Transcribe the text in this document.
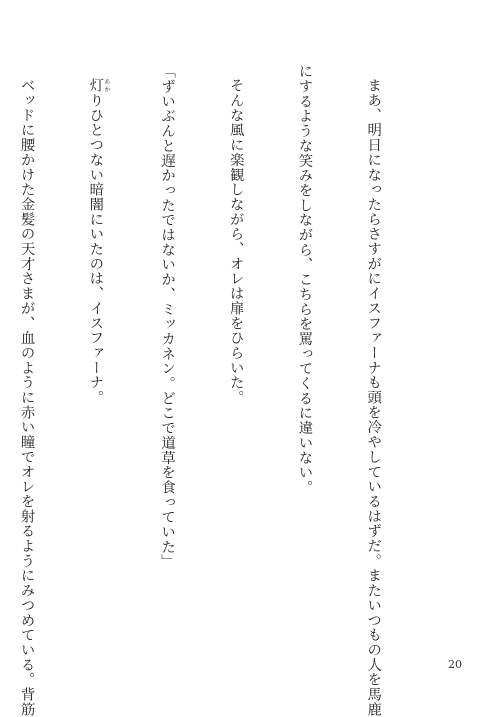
まあ、明日になったらさすがにイスファーナも頭を冷やしているはずだ。またいつもの人を馬鹿

にするような笑みをしながら、こちらを罵ってくるに違いない。

そんな風に楽観しながら、オレは扉をひらいた。

「ずいぶんと遅かったではないか、ミッカネン。どこで道草を食っていた」

灯 あかりひとつない暗闇にいたのは、イスファーナ。

ベッドに腰かけた金髪の天才さまが、血のように赤い瞳でオレを射るようにみつめている。背筋

	20
